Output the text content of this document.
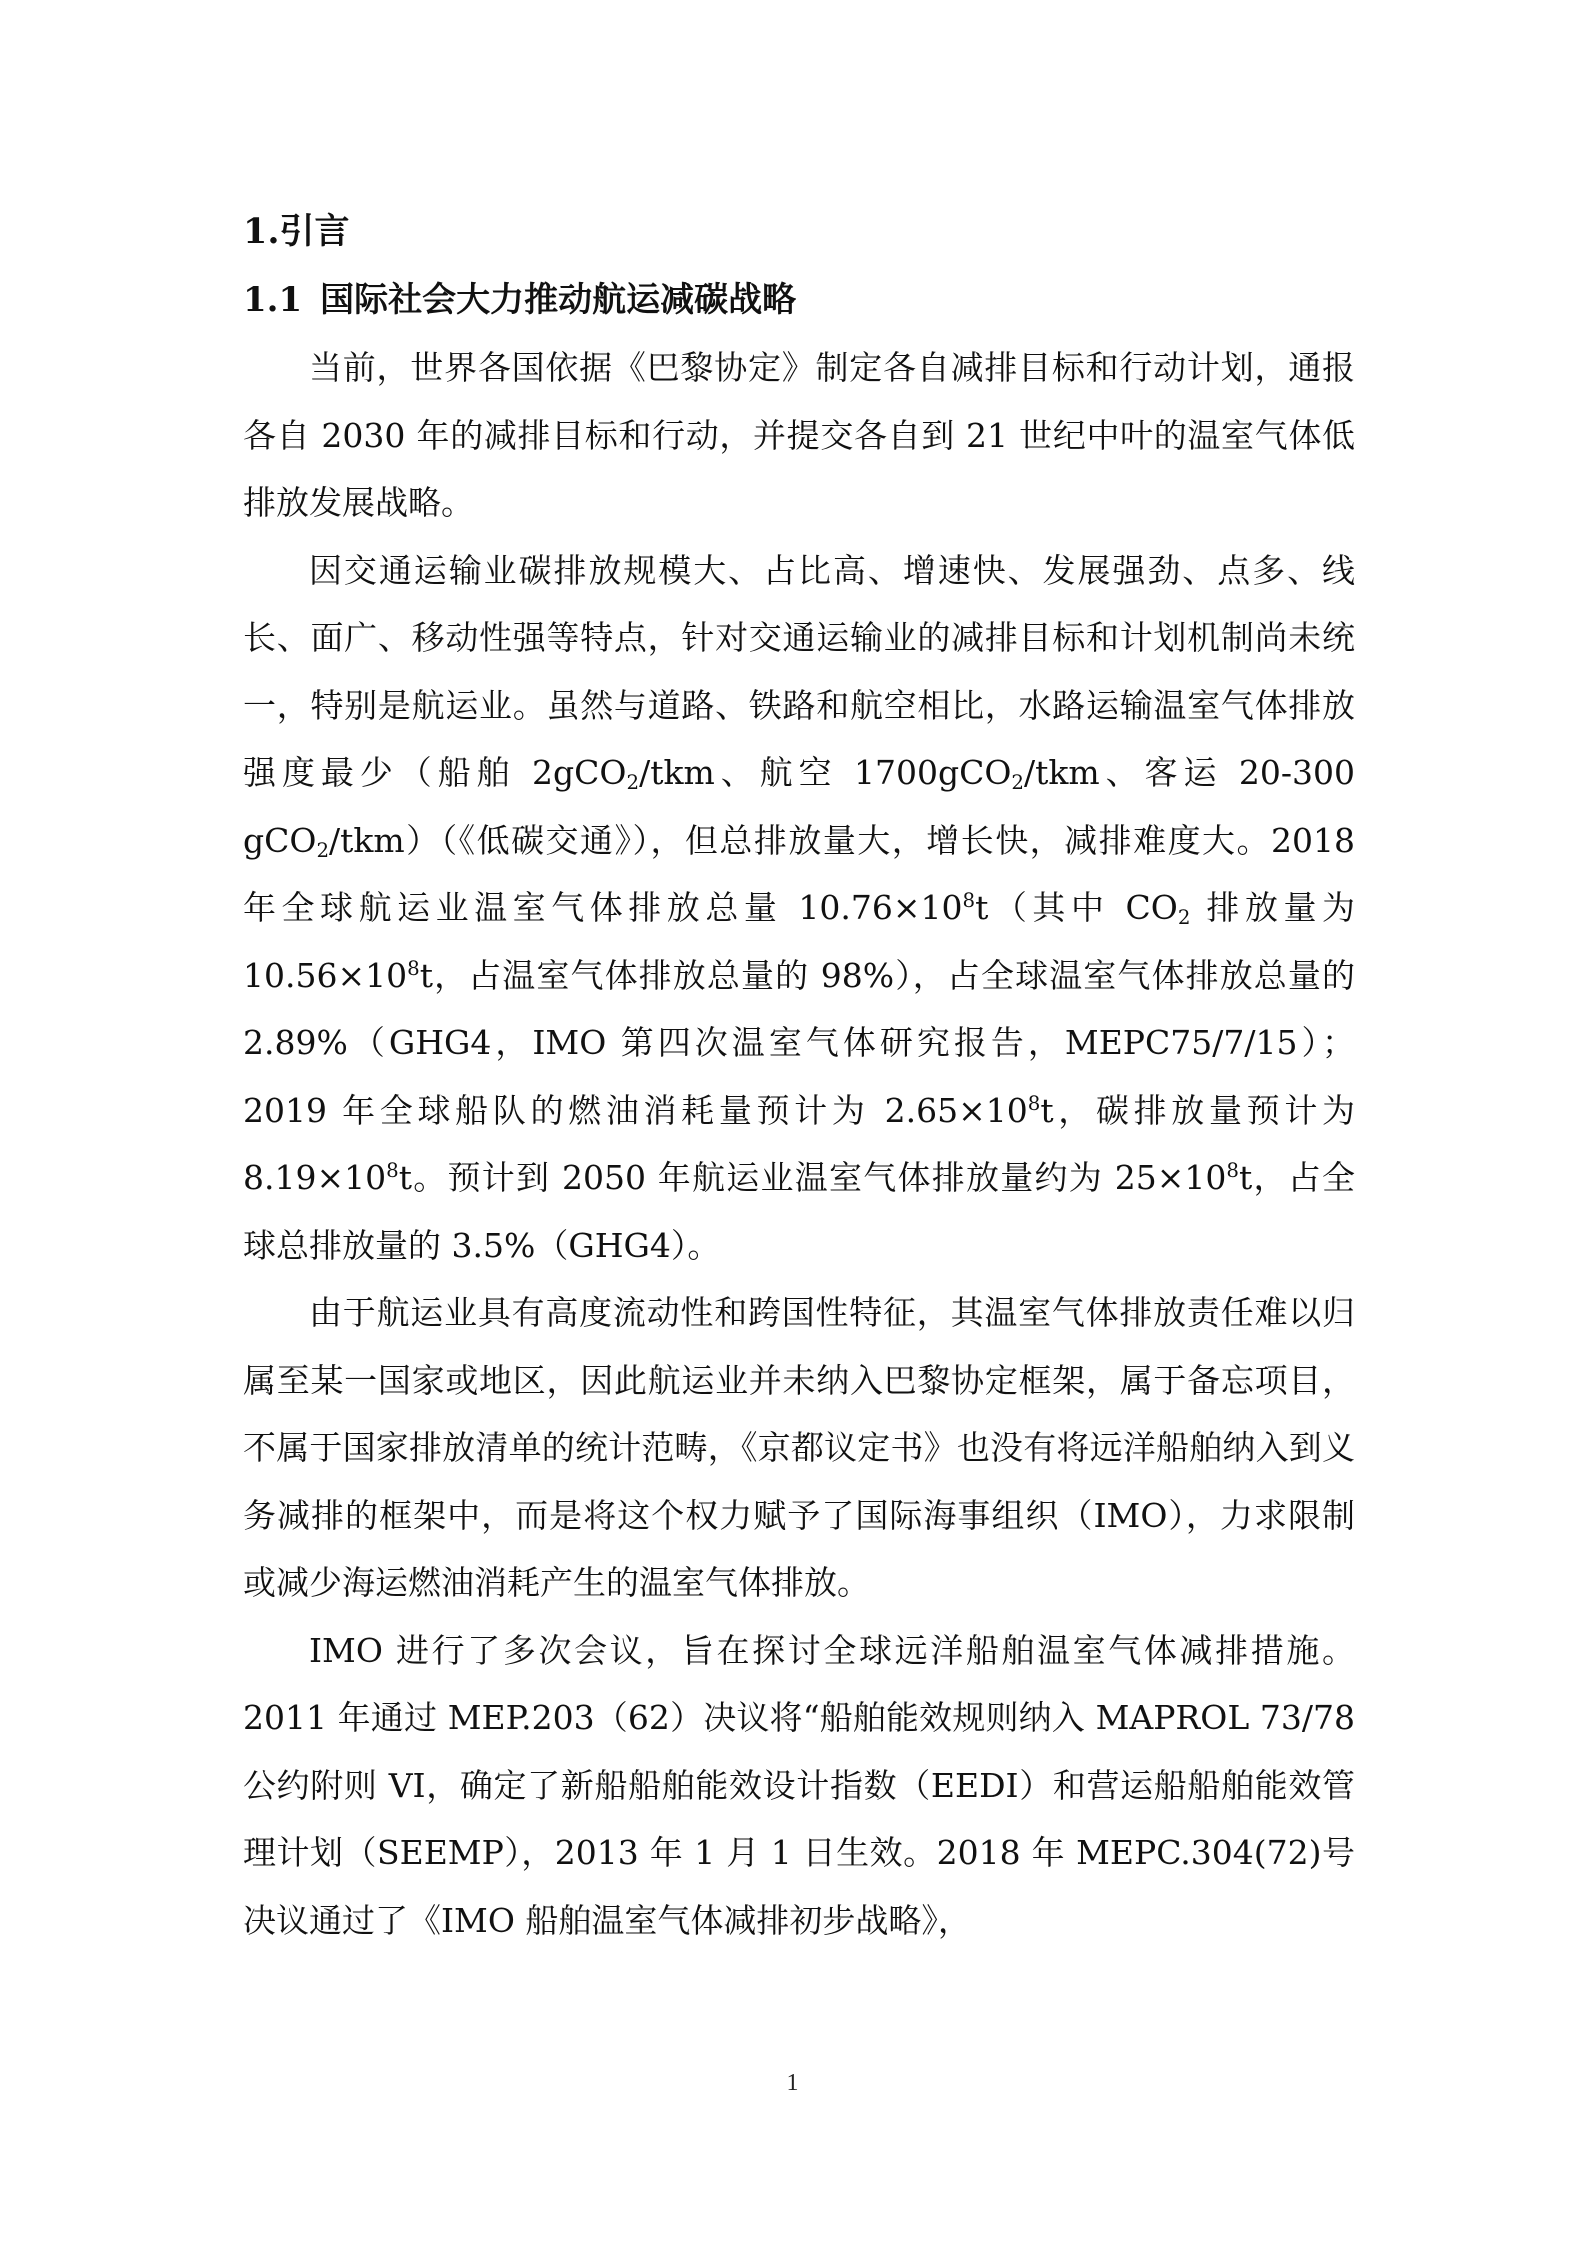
1.引言
1.1 国际社会大力推动航运减碳战略

当前，世界各国依据《巴黎协定》制定各自减排目标和行动计划，通报各自 2030 年的减排目标和行动，并提交各自到 21 世纪中叶的温室气体低排放发展战略。

因交通运输业碳排放规模大、占比高、增速快、发展强劲、点多、线长、面广、移动性强等特点，针对交通运输业的减排目标和计划机制尚未统一，特别是航运业。虽然与道路、铁路和航空相比，水路运输温室气体排放强度最少（船舶 2gCO$_2$/tkm、航空 1700gCO$_2$/tkm、客运 20-300 gCO$_2$/tkm）（《低碳交通》），但总排放量大，增长快，减排难度大。2018 年全球航运业温室气体排放总量 $10.76\times 10^8t$（其中 $CO_2$ 排放量为 $10.56\times 10^8t$，占温室气体排放总量的 98%），占全球温室气体排放总量的 2.89%（GHG4，IMO 第四次温室气体研究报告，MEPC75/7/15）；2019 年全球船队的燃油消耗量预计为 $2.65\times 10^8t$，碳排放量预计为 $8.19\times 10^8t$。预计到 2050 年航运业温室气体排放量约为 $25\times 10^8t$，占全球总排放量的 3.5%（GHG4）。

由于航运业具有高度流动性和跨国性特征，其温室气体排放责任难以归属至某一国家或地区，因此航运业并未纳入巴黎协定框架，属于备忘项目，不属于国家排放清单的统计范畴，《京都议定书》也没有将远洋船舶纳入到义务减排的框架中，而是将这个权力赋予了国际海事组织（IMO），力求限制或减少海运燃油消耗产生的温室气体排放。

IMO 进行了多次会议，旨在探讨全球远洋船舶温室气体减排措施。2011 年通过 MEP.203（62）决议将“船舶能效规则纳入 MAPROL 73/78 公约附则 VI，确定了新船船舶能效设计指数（EEDI）和营运船船舶能效管理计划（SEEMP），2013 年 1 月 1 日生效。2018 年 MEPC.304(72)号决议通过了《IMO 船舶温室气体减排初步战略》，

1
